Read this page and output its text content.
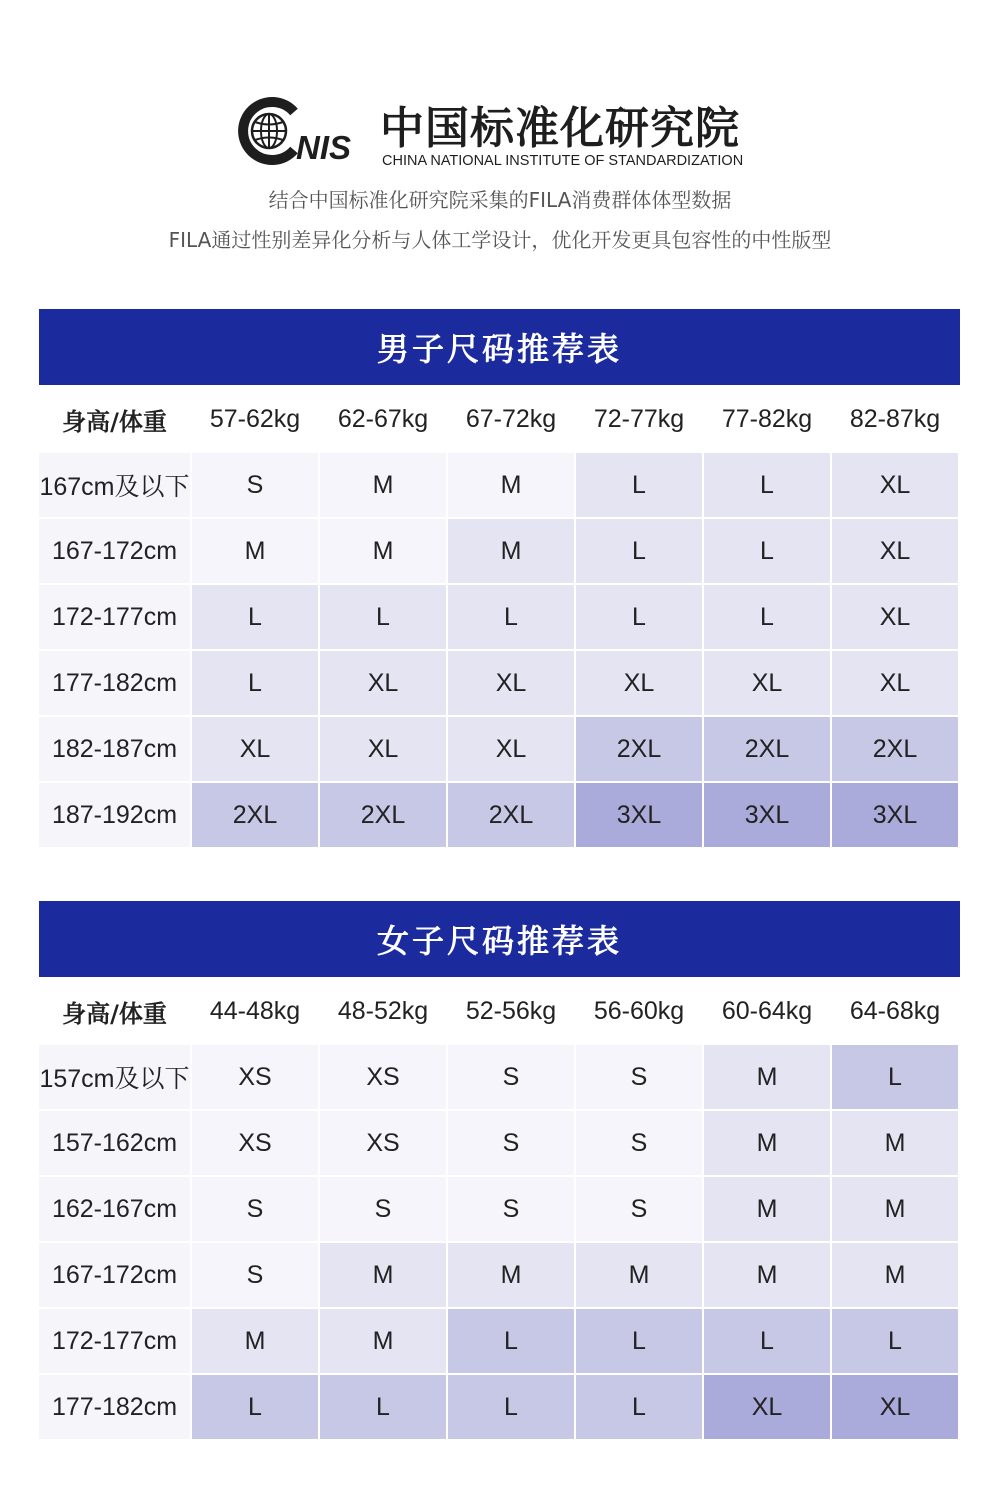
NIS 中国标准化研究院
CHINA NATIONAL INSTITUTE OF STANDARDIZATION
结合中国标准化研究院采集的FILA消费群体体型数据
FILA通过性别差异化分析与人体工学设计，优化开发更具包容性的中性版型
男子尺码推荐表
身高/体重	57-62kg	62-67kg	67-72kg	72-77kg	77-82kg	82-87kg
167cm及以下	S	M	M	L	L	XL
167-172cm	M	M	M	L	L	XL
172-177cm	L	L	L	L	L	XL
177-182cm	L	XL	XL	XL	XL	XL
182-187cm	XL	XL	XL	2XL	2XL	2XL
187-192cm	2XL	2XL	2XL	3XL	3XL	3XL
女子尺码推荐表
身高/体重	44-48kg	48-52kg	52-56kg	56-60kg	60-64kg	64-68kg
157cm及以下	XS	XS	S	S	M	L
157-162cm	XS	XS	S	S	M	M
162-167cm	S	S	S	S	M	M
167-172cm	S	M	M	M	M	M
172-177cm	M	M	L	L	L	L
177-182cm	L	L	L	L	XL	XL
